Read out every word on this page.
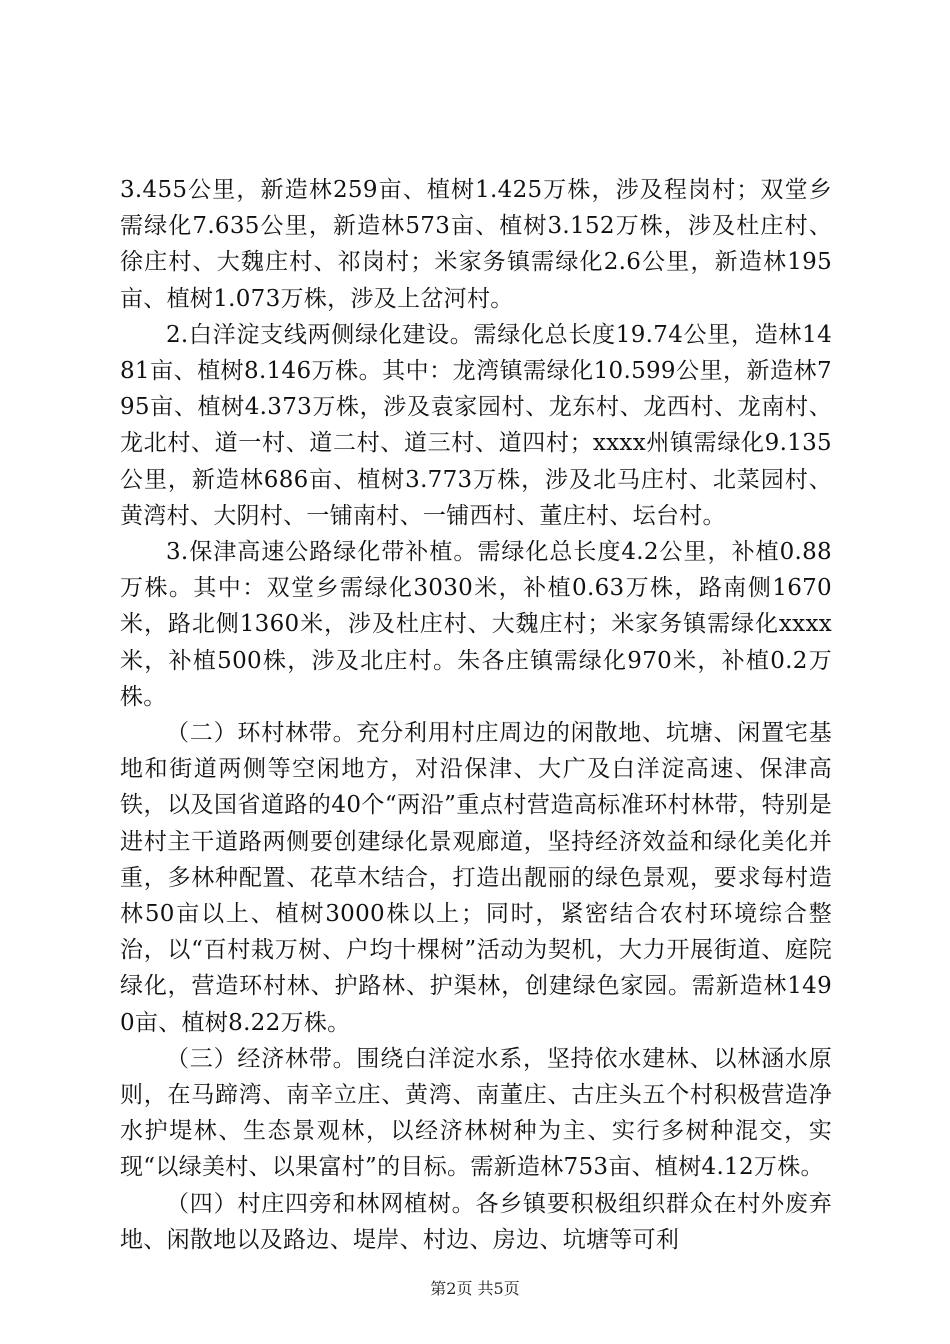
3.455公里，新造林259亩、植树1.425万株，涉及程岗村；双堂乡需绿化7.635公里，新造林573亩、植树3.152万株，涉及杜庄村、徐庄村、大魏庄村、祁岗村；米家务镇需绿化2.6公里，新造林195亩、植树1.073万株，涉及上岔河村。

2.白洋淀支线两侧绿化建设。需绿化总长度19.74公里，造林1481亩、植树8.146万株。其中：龙湾镇需绿化10.599公里，新造林795亩、植树4.373万株，涉及袁家园村、龙东村、龙西村、龙南村、龙北村、道一村、道二村、道三村、道四村；xxxx州镇需绿化9.135公里，新造林686亩、植树3.773万株，涉及北马庄村、北菜园村、黄湾村、大阴村、一铺南村、一铺西村、董庄村、坛台村。

3.保津高速公路绿化带补植。需绿化总长度4.2公里，补植0.88万株。其中：双堂乡需绿化3030米，补植0.63万株，路南侧1670米，路北侧1360米，涉及杜庄村、大魏庄村；米家务镇需绿化xxxx米，补植500株，涉及北庄村。朱各庄镇需绿化970米，补植0.2万株。

（二）环村林带。充分利用村庄周边的闲散地、坑塘、闲置宅基地和街道两侧等空闲地方，对沿保津、大广及白洋淀高速、保津高铁，以及国省道路的40个“两沿”重点村营造高标准环村林带，特别是进村主干道路两侧要创建绿化景观廊道，坚持经济效益和绿化美化并重，多林种配置、花草木结合，打造出靓丽的绿色景观，要求每村造林50亩以上、植树3000株以上；同时，紧密结合农村环境综合整治，以“百村栽万树、户均十棵树”活动为契机，大力开展街道、庭院绿化，营造环村林、护路林、护渠林，创建绿色家园。需新造林1490亩、植树8.22万株。

（三）经济林带。围绕白洋淀水系，坚持依水建林、以林涵水原则，在马蹄湾、南辛立庄、黄湾、南董庄、古庄头五个村积极营造净水护堤林、生态景观林，以经济林树种为主、实行多树种混交，实现“以绿美村、以果富村”的目标。需新造林753亩、植树4.12万株。

（四）村庄四旁和林网植树。各乡镇要积极组织群众在村外废弃地、闲散地以及路边、堤岸、村边、房边、坑塘等可利

第2页 共5页
